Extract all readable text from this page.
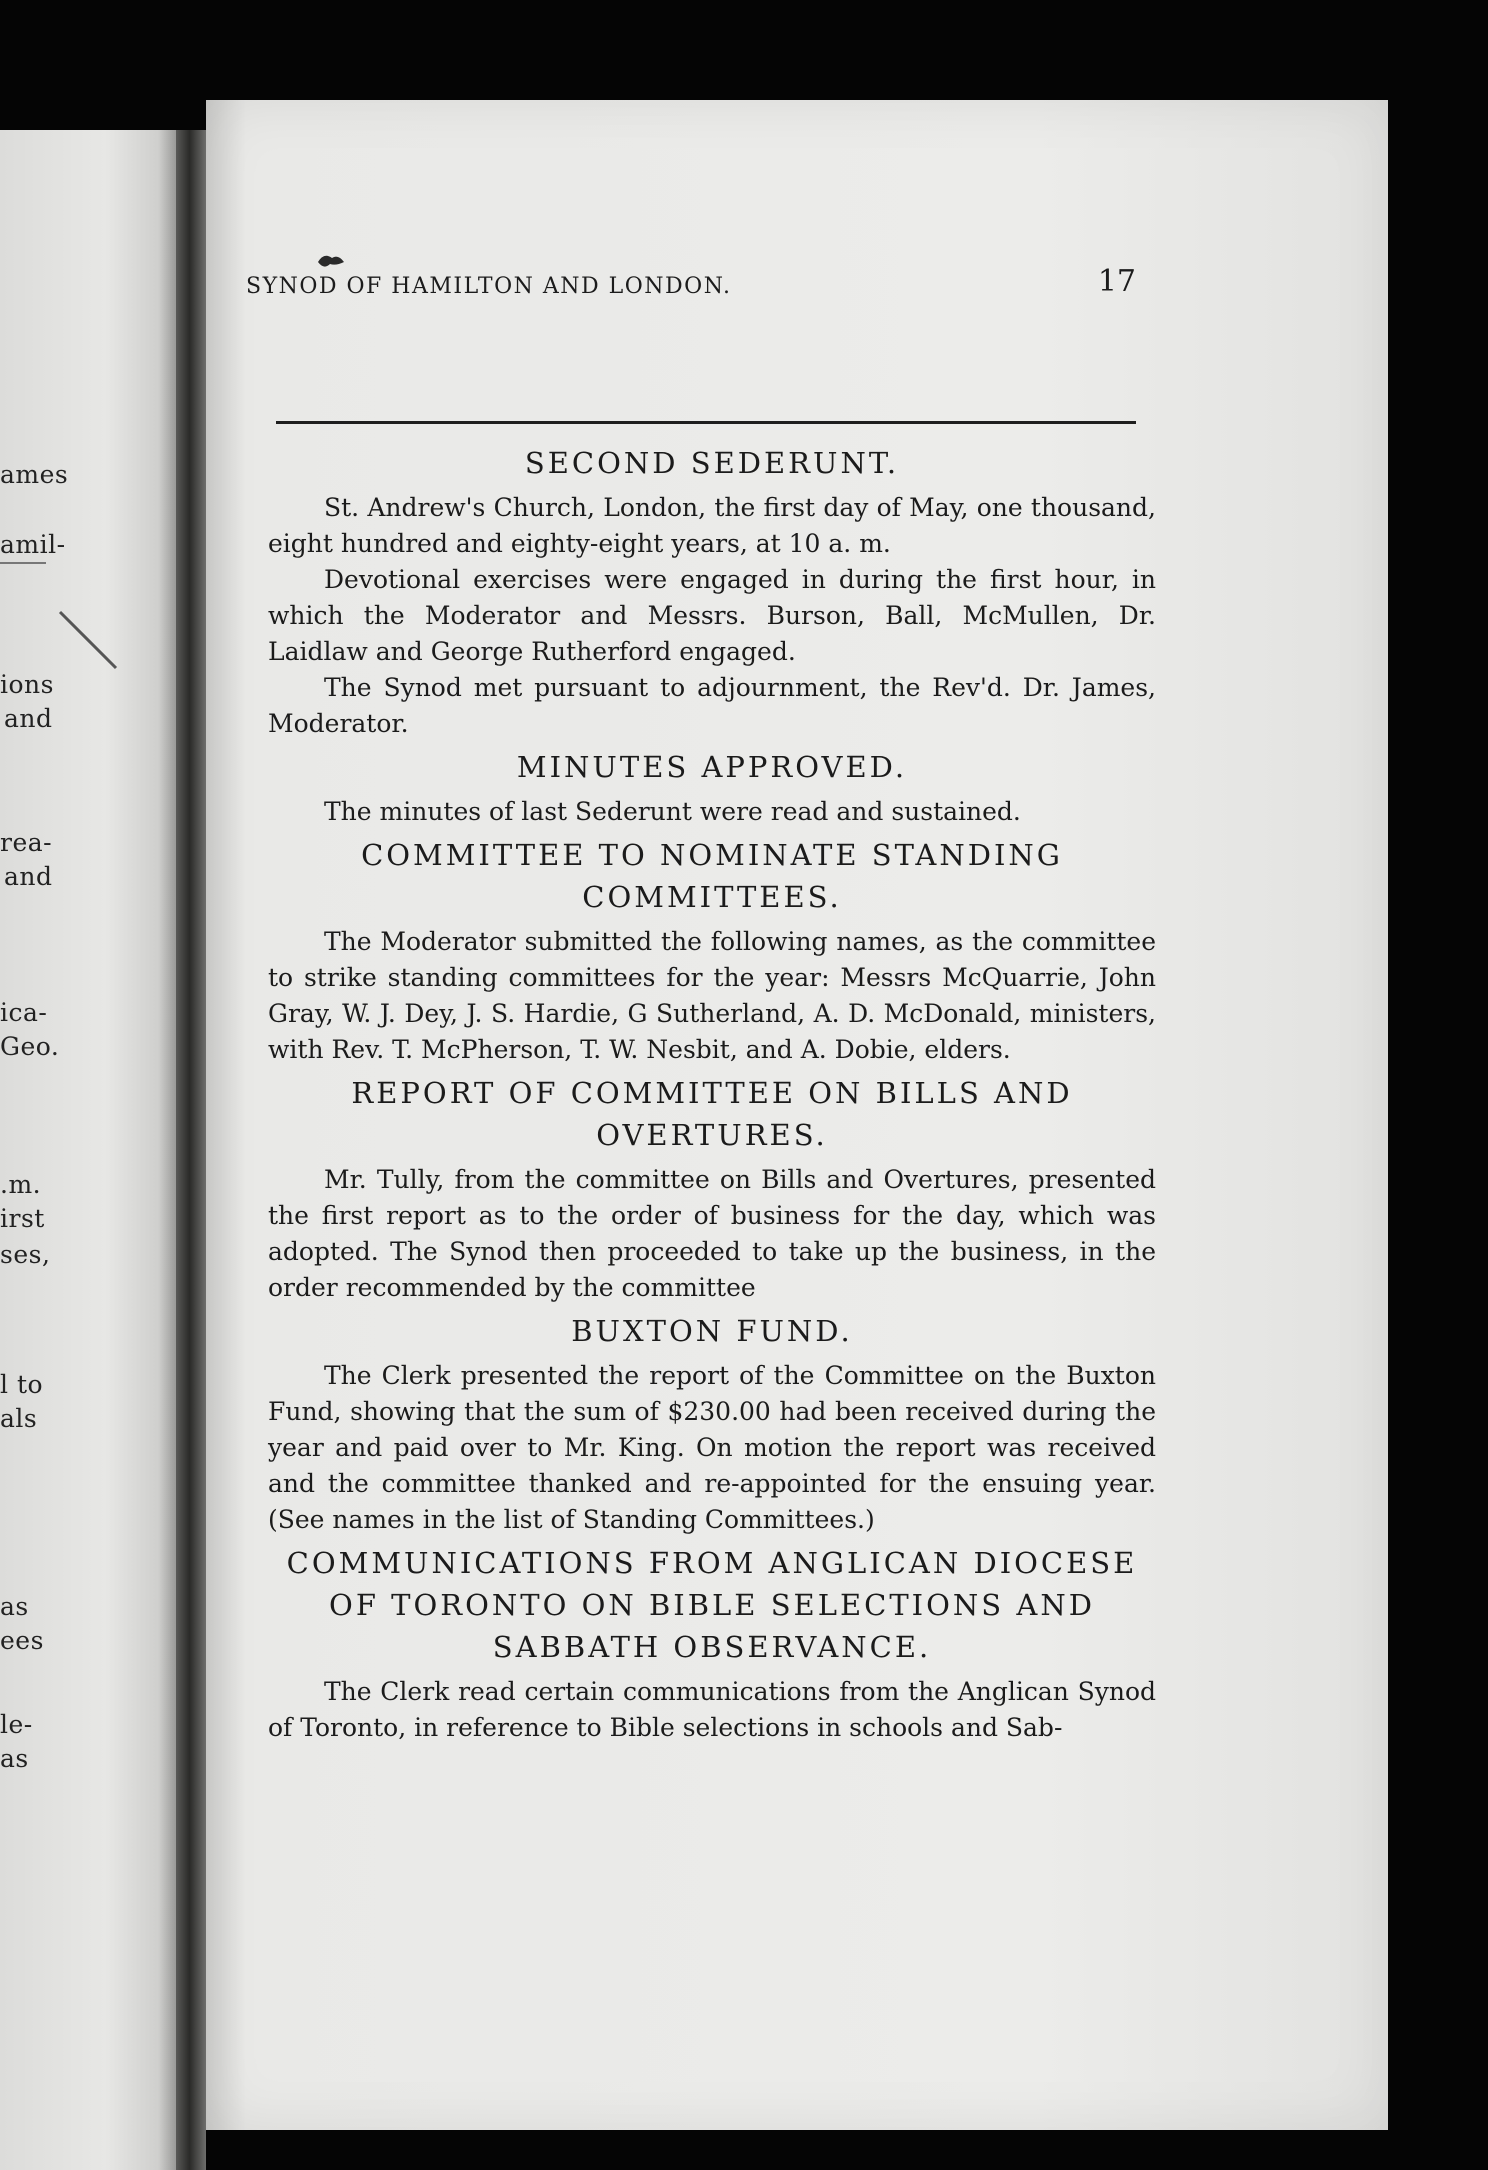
ames
amil-
ions
and
rea-
and
ica-
Geo.
.m.
irst
ses,
l to
als
as
ees
le-
as
SYNOD OF HAMILTON AND LONDON.	17
SECOND SEDERUNT.

St. Andrew's Church, London, the first day of May, one thousand, eight hundred and eighty-eight years, at 10 a. m.

Devotional exercises were engaged in during the first hour, in which the Moderator and Messrs. Burson, Ball, McMullen, Dr. Laidlaw and George Rutherford engaged.

The Synod met pursuant to adjournment, the Rev'd. Dr. James, Moderator.

MINUTES APPROVED.

The minutes of last Sederunt were read and sustained.

COMMITTEE TO NOMINATE STANDING COMMITTEES.

The Moderator submitted the following names, as the committee to strike standing committees for the year: Messrs McQuarrie, John Gray, W. J. Dey, J. S. Hardie, G Sutherland, A. D. McDonald, ministers, with Rev. T. McPherson, T. W. Nesbit, and A. Dobie, elders.

REPORT OF COMMITTEE ON BILLS AND OVERTURES.

Mr. Tully, from the committee on Bills and Overtures, presented the first report as to the order of business for the day, which was adopted. The Synod then proceeded to take up the business, in the order recommended by the committee

BUXTON FUND.

The Clerk presented the report of the Committee on the Buxton Fund, showing that the sum of $230.00 had been received during the year and paid over to Mr. King. On motion the report was received and the committee thanked and re-appointed for the ensuing year. (See names in the list of Standing Committees.)

COMMUNICATIONS FROM ANGLICAN DIOCESE OF TORONTO ON BIBLE SELECTIONS AND SABBATH OBSERVANCE.

The Clerk read certain communications from the Anglican Synod of Toronto, in reference to Bible selections in schools and Sab-
